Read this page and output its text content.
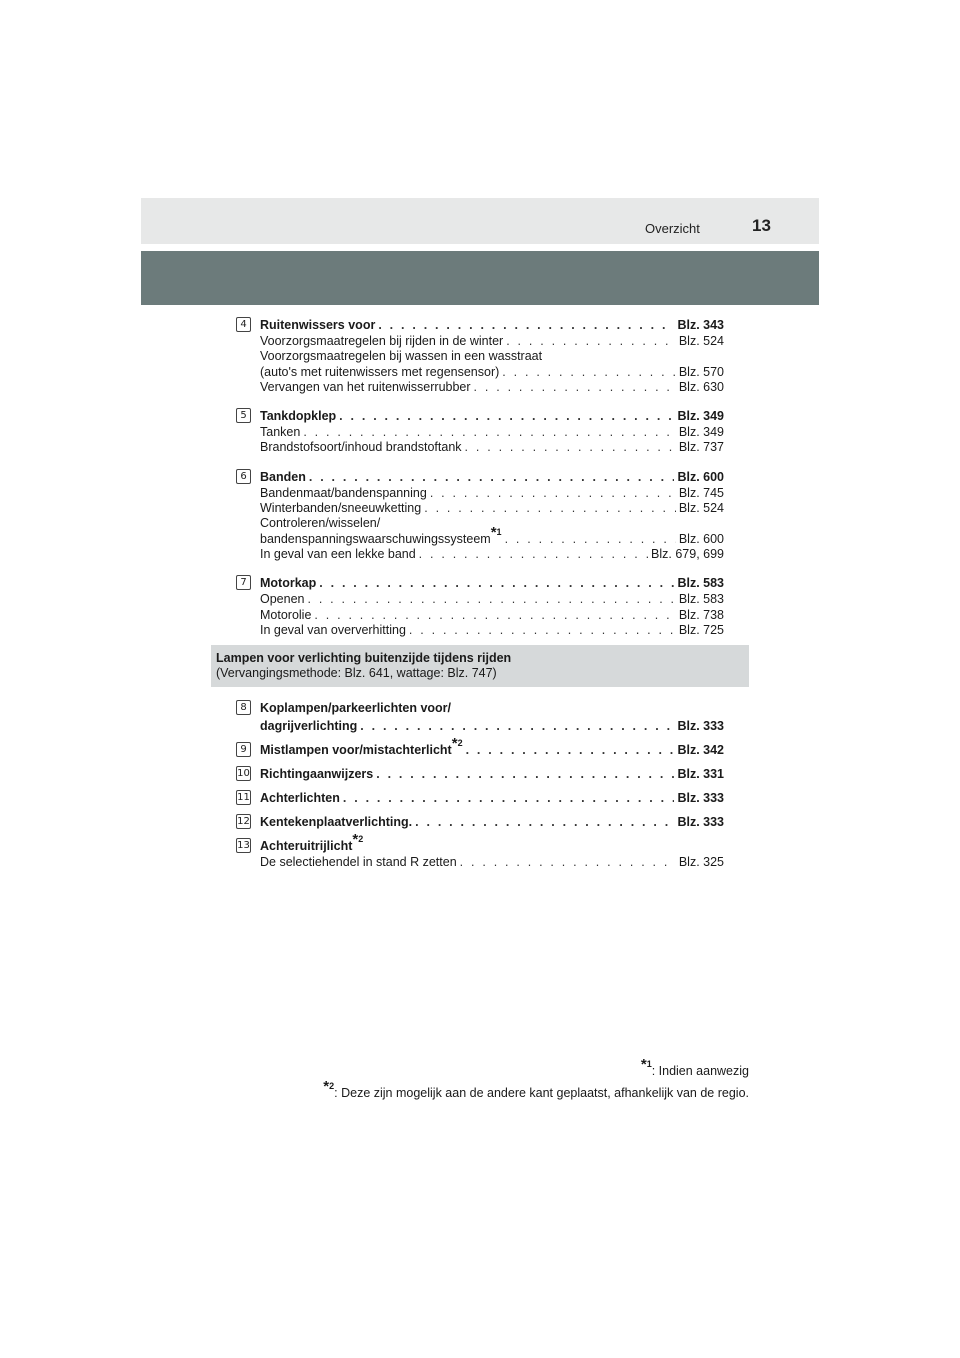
Overzicht	13
4	Ruitenwissers voor . . .	Blz. 343
Voorzorgsmaatregelen bij rijden in de winter . . .	Blz. 524
Voorzorgsmaatregelen bij wassen in een wasstraat
(auto's met ruitenwissers met regensensor) . . .	Blz. 570
Vervangen van het ruitenwisserrubber . . .	Blz. 630
5	Tankdopklep . . .	Blz. 349
Tanken . . .	Blz. 349
Brandstofsoort/inhoud brandstoftank . . .	Blz. 737
6	Banden . . .	Blz. 600
Bandenmaat/bandenspanning . . .	Blz. 745
Winterbanden/sneeuwketting . . .	Blz. 524
Controleren/wisselen/
bandenspanningswaarschuwingssysteem$^{*1}$ . . .	Blz. 600
In geval van een lekke band . . .	Blz. 679, 699
7	Motorkap . . .	Blz. 583
Openen . . .	Blz. 583
Motorolie . . .	Blz. 738
In geval van oververhitting . . .	Blz. 725
Lampen voor verlichting buitenzijde tijdens rijden
(Vervangingsmethode: Blz. 641, wattage: Blz. 747)
8	Koplampen/parkeerlichten voor/
dagrijverlichting . . .	Blz. 333
9	Mistlampen voor/mistachterlicht$^{*2}$ . . .	Blz. 342
10 Richtingaanwijzers . . .	Blz. 331
11 Achterlichten . . .	Blz. 333
12 Kentekenplaatverlichting. . . .	Blz. 333
13 Achteruitrijlicht$^{*2}$
De selectiehendel in stand R zetten . . .	Blz. 325
$^{*1}$: Indien aanwezig
$^{*2}$: Deze zijn mogelijk aan de andere kant geplaatst, afhankelijk van de regio.
